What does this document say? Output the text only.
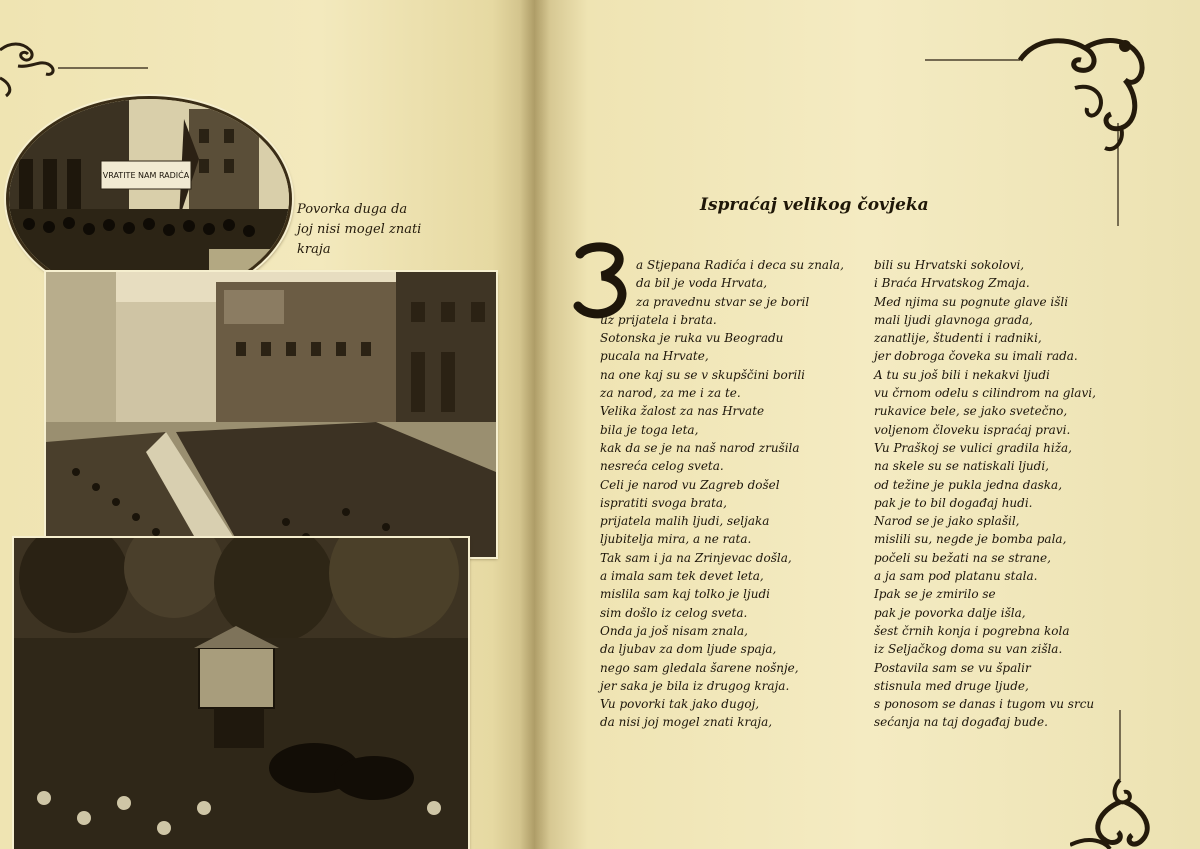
VRATITE NAM RADIĆA
Povorka duga da
joj nisi mogel znati
kraja
Ispraćaj velikog čovjeka
a Stjepana Radića i deca su znala,
da bil je voda Hrvata,
za pravednu stvar se je boril
uz prijatela i brata.
Sotonska je ruka vu Beogradu
pucala na Hrvate,
na one kaj su se v skupščini borili
za narod, za me i za te.
Velika žalost za nas Hrvate
bila je toga leta,
kak da se je na naš narod zrušila
nesreća celog sveta.
Celi je narod vu Zagreb došel
ispratiti svoga brata,
prijatela malih ljudi, seljaka
ljubitelja mira, a ne rata.
Tak sam i ja na Zrinjevac došla,
a imala sam tek devet leta,
mislila sam kaj tolko je ljudi
sim došlo iz celog sveta.
Onda ja još nisam znala,
da ljubav za dom ljude spaja,
nego sam gledala šarene nošnje,
jer saka je bila iz drugog kraja.
Vu povorki tak jako dugoj,
da nisi joj mogel znati kraja,
bili su Hrvatski sokolovi,
i Braća Hrvatskog Zmaja.
Med njima su pognute glave išli
mali ljudi glavnoga grada,
zanatlije, študenti i radniki,
jer dobroga čoveka su imali rada.
A tu su još bili i nekakvi ljudi
vu črnom odelu s cilindrom na glavi,
rukavice bele, se jako svetečno,
voljenom človeku ispraćaj pravi.
Vu Praškoj se vulici gradila hiža,
na skele su se natiskali ljudi,
od težine je pukla jedna daska,
pak je to bil događaj hudi.
Narod se je jako splašil,
mislili su, negde je bomba pala,
počeli su bežati na se strane,
a ja sam pod platanu stala.
Ipak se je zmirilo se
pak je povorka dalje išla,
šest črnih konja i pogrebna kola
iz Seljačkog doma su van zišla.
Postavila sam se vu špalir
stisnula med druge ljude,
s ponosom se danas i tugom vu srcu
sećanja na taj događaj bude.
